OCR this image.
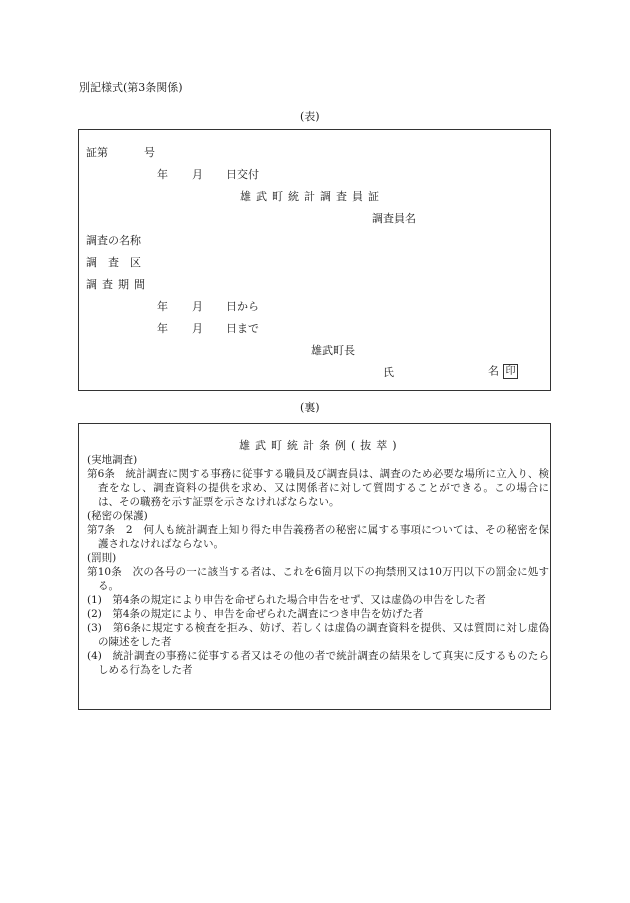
別記様式(第3条関係)
(表)
証第	号
年 月 日交付
雄武町統計調査員証
調査員名
調査の名称
調　査　区
調査期間
年 月 日から
年 月 日まで
雄武町長
氏	名 印
(裏)
雄武町統計条例(抜萃)
(実地調査)
第6条　統計調査に関する事務に従事する職員及び調査員は、調査のため必要な場所に立入り、検査をなし、調査資料の提供を求め、又は関係者に対して質問することができる。この場合には、その職務を示す証票を示さなければならない。
(秘密の保護)
第7条　2　何人も統計調査上知り得た申告義務者の秘密に属する事項については、その秘密を保護されなければならない。
(罰則)
第10条　次の各号の一に該当する者は、これを6箇月以下の拘禁刑又は10万円以下の罰金に処する。
(1)　第4条の規定により申告を命ぜられた場合申告をせず、又は虚偽の申告をした者
(2)　第4条の規定により、申告を命ぜられた調査につき申告を妨げた者
(3)　第6条に規定する検査を拒み、妨げ、若しくは虚偽の調査資料を提供、又は質問に対し虚偽の陳述をした者
(4)　統計調査の事務に従事する者又はその他の者で統計調査の結果をして真実に反するものたらしめる行為をした者
